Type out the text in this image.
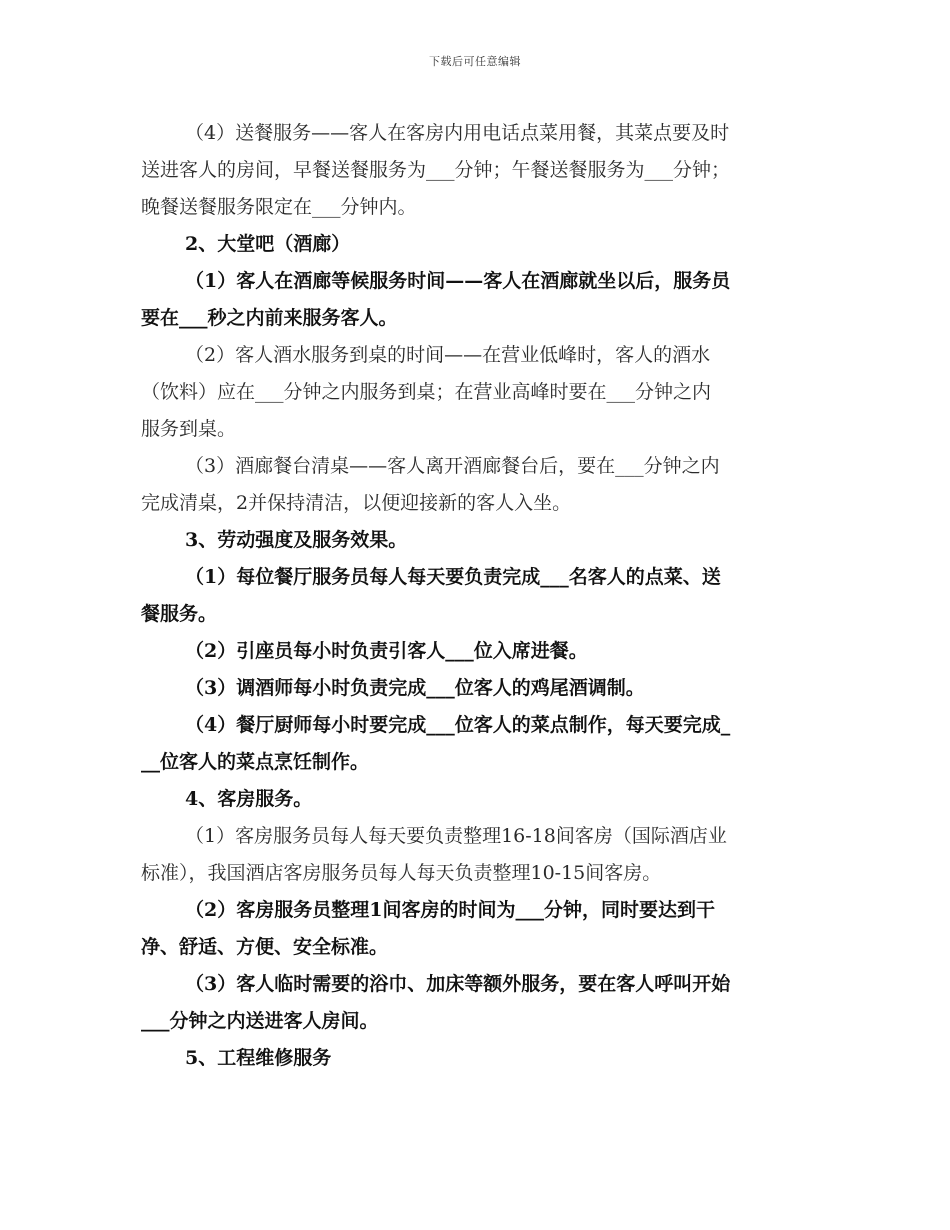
下载后可任意编辑
（4）送餐服务——客人在客房内用电话点菜用餐，其菜点要及时
送进客人的房间，早餐送餐服务为___分钟；午餐送餐服务为___分钟；
晚餐送餐服务限定在___分钟内。
2、大堂吧（酒廊）
（1）客人在酒廊等候服务时间——客人在酒廊就坐以后，服务员
要在___秒之内前来服务客人。
（2）客人酒水服务到桌的时间——在营业低峰时，客人的酒水
（饮料）应在___分钟之内服务到桌；在营业高峰时要在___分钟之内
服务到桌。
（3）酒廊餐台清桌——客人离开酒廊餐台后，要在___分钟之内
完成清桌，2并保持清洁，以便迎接新的客人入坐。
3、劳动强度及服务效果。
（1）每位餐厅服务员每人每天要负责完成___名客人的点菜、送
餐服务。
（2）引座员每小时负责引客人___位入席进餐。
（3）调酒师每小时负责完成___位客人的鸡尾酒调制。
（4）餐厅厨师每小时要完成___位客人的菜点制作，每天要完成_
__位客人的菜点烹饪制作。
4、客房服务。
（1）客房服务员每人每天要负责整理16-18间客房（国际酒店业
标准），我国酒店客房服务员每人每天负责整理10-15间客房。
（2）客房服务员整理1间客房的时间为___分钟，同时要达到干
净、舒适、方便、安全标准。
（3）客人临时需要的浴巾、加床等额外服务，要在客人呼叫开始
___分钟之内送进客人房间。
5、工程维修服务
